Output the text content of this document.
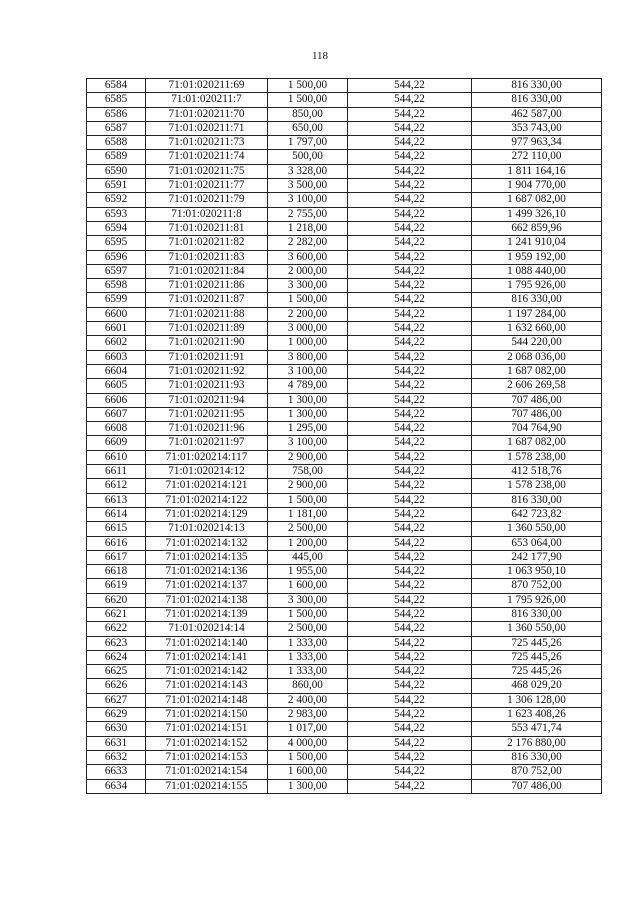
118
6584	71:01:020211:69	1 500,00	544,22	816 330,00
6585	71:01:020211:7	1 500,00	544,22	816 330,00
6586	71:01:020211:70	850,00	544,22	462 587,00
6587	71:01:020211:71	650,00	544,22	353 743,00
6588	71:01:020211:73	1 797,00	544,22	977 963,34
6589	71:01:020211:74	500,00	544,22	272 110,00
6590	71:01:020211:75	3 328,00	544,22	1 811 164,16
6591	71:01:020211:77	3 500,00	544,22	1 904 770,00
6592	71:01:020211:79	3 100,00	544,22	1 687 082,00
6593	71:01:020211:8	2 755,00	544,22	1 499 326,10
6594	71:01:020211:81	1 218,00	544,22	662 859,96
6595	71:01:020211:82	2 282,00	544,22	1 241 910,04
6596	71:01:020211:83	3 600,00	544,22	1 959 192,00
6597	71:01:020211:84	2 000,00	544,22	1 088 440,00
6598	71:01:020211:86	3 300,00	544,22	1 795 926,00
6599	71:01:020211:87	1 500,00	544,22	816 330,00
6600	71:01:020211:88	2 200,00	544,22	1 197 284,00
6601	71:01:020211:89	3 000,00	544,22	1 632 660,00
6602	71:01:020211:90	1 000,00	544,22	544 220,00
6603	71:01:020211:91	3 800,00	544,22	2 068 036,00
6604	71:01:020211:92	3 100,00	544,22	1 687 082,00
6605	71:01:020211:93	4 789,00	544,22	2 606 269,58
6606	71:01:020211:94	1 300,00	544,22	707 486,00
6607	71:01:020211:95	1 300,00	544,22	707 486,00
6608	71:01:020211:96	1 295,00	544,22	704 764,90
6609	71:01:020211:97	3 100,00	544,22	1 687 082,00
6610	71:01:020214:117	2 900,00	544,22	1 578 238,00
6611	71:01:020214:12	758,00	544,22	412 518,76
6612	71:01:020214:121	2 900,00	544,22	1 578 238,00
6613	71:01:020214:122	1 500,00	544,22	816 330,00
6614	71:01:020214:129	1 181,00	544,22	642 723,82
6615	71:01:020214:13	2 500,00	544,22	1 360 550,00
6616	71:01:020214:132	1 200,00	544,22	653 064,00
6617	71:01:020214:135	445,00	544,22	242 177,90
6618	71:01:020214:136	1 955,00	544,22	1 063 950,10
6619	71:01:020214:137	1 600,00	544,22	870 752,00
6620	71:01:020214:138	3 300,00	544,22	1 795 926,00
6621	71:01:020214:139	1 500,00	544,22	816 330,00
6622	71:01:020214:14	2 500,00	544,22	1 360 550,00
6623	71:01:020214:140	1 333,00	544,22	725 445,26
6624	71:01:020214:141	1 333,00	544,22	725 445,26
6625	71:01:020214:142	1 333,00	544,22	725 445,26
6626	71:01:020214:143	860,00	544,22	468 029,20
6627	71:01:020214:148	2 400,00	544,22	1 306 128,00
6629	71:01:020214:150	2 983,00	544,22	1 623 408,26
6630	71:01:020214:151	1 017,00	544,22	553 471,74
6631	71:01:020214:152	4 000,00	544,22	2 176 880,00
6632	71:01:020214:153	1 500,00	544,22	816 330,00
6633	71:01:020214:154	1 600,00	544,22	870 752,00
6634	71:01:020214:155	1 300,00	544,22	707 486,00
